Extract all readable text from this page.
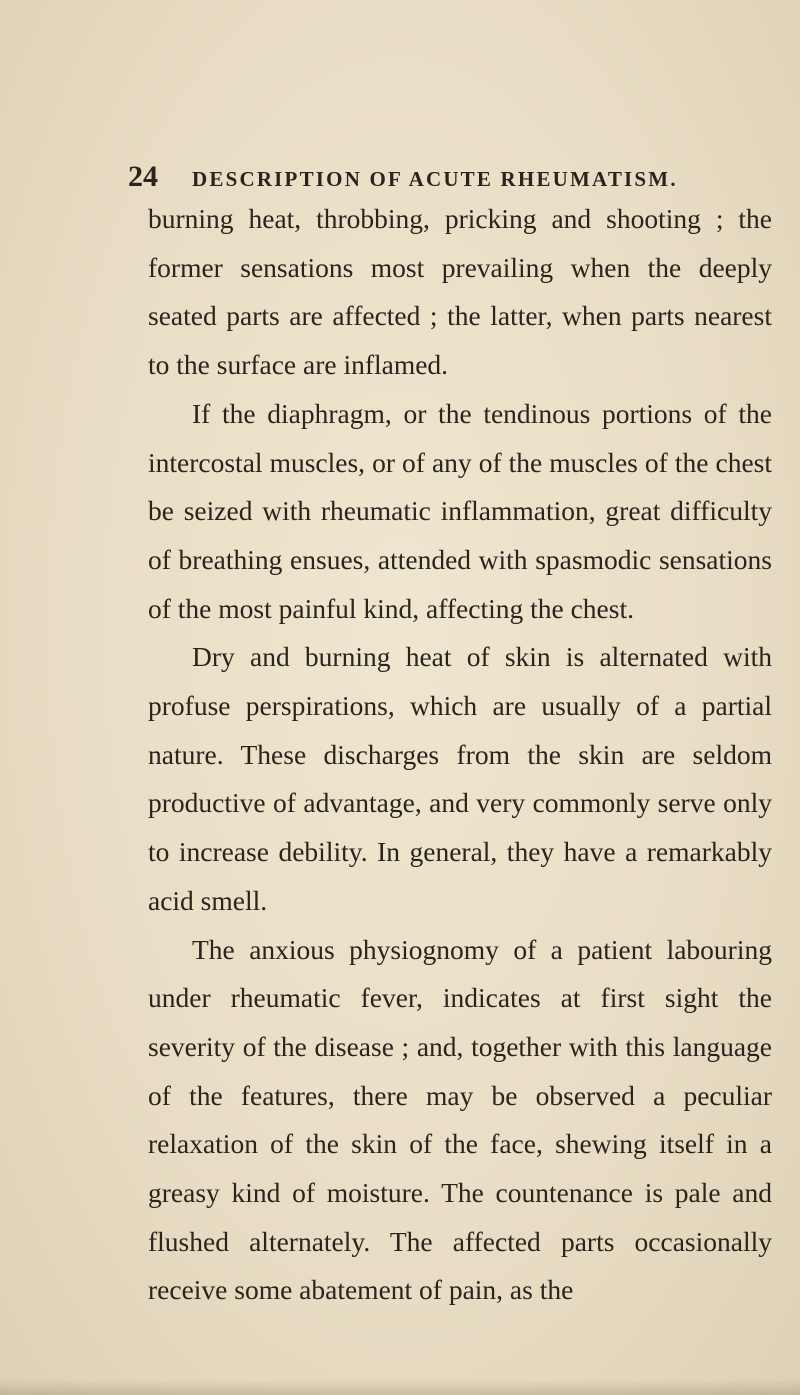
24	DESCRIPTION OF ACUTE RHEUMATISM.

burning heat, throbbing, pricking and shooting ; the former sensations most prevailing when the deeply seated parts are affected ; the latter, when parts nearest to the surface are inflamed.

If the diaphragm, or the tendinous portions of the intercostal muscles, or of any of the muscles of the chest be seized with rheumatic inflammation, great difficulty of breathing ensues, attended with spasmodic sensations of the most painful kind, affecting the chest.

Dry and burning heat of skin is alternated with profuse perspirations, which are usually of a partial nature. These discharges from the skin are seldom productive of advantage, and very commonly serve only to increase debility. In general, they have a remarkably acid smell.

The anxious physiognomy of a patient labouring under rheumatic fever, indicates at first sight the severity of the disease ; and, together with this language of the features, there may be observed a peculiar relaxation of the skin of the face, shewing itself in a greasy kind of moisture. The countenance is pale and flushed alternately. The affected parts occasionally receive some abatement of pain, as the
